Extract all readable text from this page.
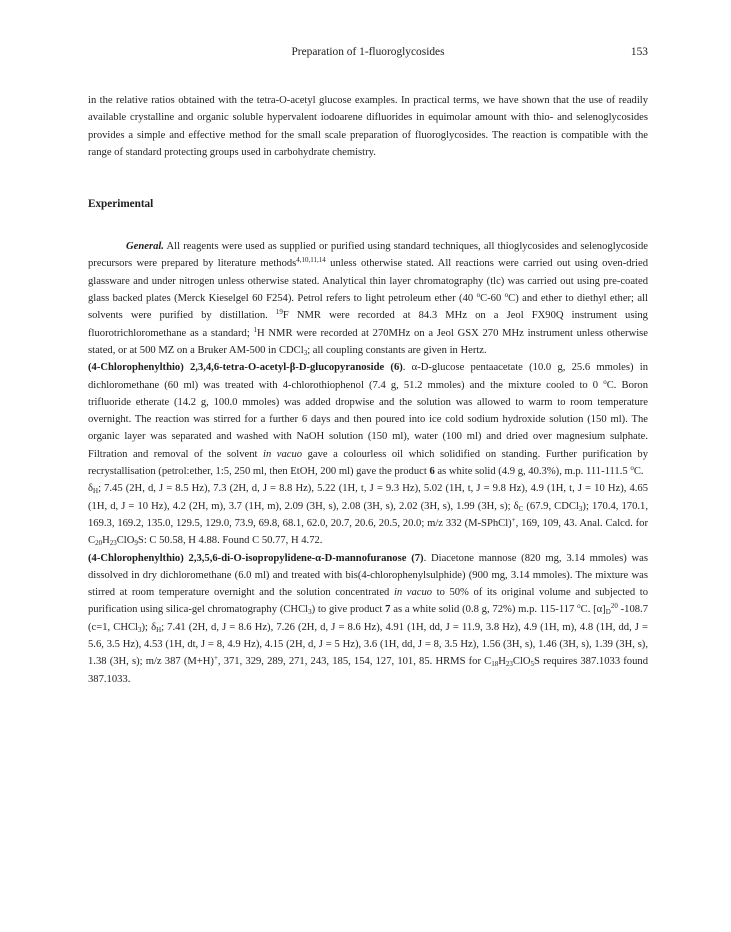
Preparation of 1-fluoroglycosides	153

in the relative ratios obtained with the tetra-O-acetyl glucose examples. In practical terms, we have shown that the use of readily available crystalline and organic soluble hypervalent iodoarene difluorides in equimolar amount with thio- and selenoglycosides provides a simple and effective method for the small scale preparation of fluoroglycosides. The reaction is compatible with the range of standard protecting groups used in carbohydrate chemistry.

Experimental

General. All reagents were used as supplied or purified using standard techniques, all thioglycosides and selenoglycoside precursors were prepared by literature methods$^{4,10,11,14}$ unless otherwise stated. All reactions were carried out using oven-dried glassware and under nitrogen unless otherwise stated. Analytical thin layer chromatography (tlc) was carried out using pre-coated glass backed plates (Merck Kieselgel 60 F254). Petrol refers to light petroleum ether (40 $^o$C-60 $^o$C) and ether to diethyl ether; all solvents were purified by distillation. $^{19}$F NMR were recorded at 84.3 MHz on a Jeol FX90Q instrument using fluorotrichloromethane as a standard; $^1$H NMR were recorded at 270MHz on a Jeol GSX 270 MHz instrument unless otherwise stated, or at 500 MZ on a Bruker AM-500 in CDCl$_3$; all coupling constants are given in Hertz.

(4-Chlorophenylthio) 2,3,4,6-tetra-O-acetyl-β-D-glucopyranoside (6). α-D-glucose pentaacetate (10.0 g, 25.6 mmoles) in dichloromethane (60 ml) was treated with 4-chlorothiophenol (7.4 g, 51.2 mmoles) and the mixture cooled to 0 $^o$C. Boron trifluoride etherate (14.2 g, 100.0 mmoles) was added dropwise and the solution was allowed to warm to room temperature overnight. The reaction was stirred for a further 6 days and then poured into ice cold sodium hydroxide solution (150 ml). The organic layer was separated and washed with NaOH solution (150 ml), water (100 ml) and dried over magnesium sulphate. Filtration and removal of the solvent in vacuo gave a colourless oil which solidified on standing. Further purification by recrystallisation (petrol:ether, 1:5, 250 ml, then EtOH, 200 ml) gave the product 6 as white solid (4.9 g, 40.3%), m.p. 111-111.5 $^o$C.

$\delta_H$; 7.45 (2H, d, J = 8.5 Hz), 7.3 (2H, d, J = 8.8 Hz), 5.22 (1H, t, J = 9.3 Hz), 5.02 (1H, t, J = 9.8 Hz), 4.9 (1H, t, J = 10 Hz), 4.65 (1H, d, J = 10 Hz), 4.2 (2H, m), 3.7 (1H, m), 2.09 (3H, s), 2.08 (3H, s), 2.02 (3H, s), 1.99 (3H, s); $\delta_C$ (67.9, CDCl$_3$); 170.4, 170.1, 169.3, 169.2, 135.0, 129.5, 129.0, 73.9, 69.8, 68.1, 62.0, 20.7, 20.6, 20.5, 20.0; m/z 332 (M-SPhCl)+, 169, 109, 43. Anal. Calcd. for $C_{20}H_{23}ClO_9S$: C 50.58, H 4.88. Found C 50.77, H 4.72.

(4-Chlorophenylthio) 2,3,5,6-di-O-isopropylidene-α-D-mannofuranose (7). Diacetone mannose (820 mg, 3.14 mmoles) was dissolved in dry dichloromethane (6.0 ml) and treated with bis(4-chlorophenylsulphide) (900 mg, 3.14 mmoles). The mixture was stirred at room temperature overnight and the solution concentrated in vacuo to 50% of its original volume and subjected to purification using silica-gel chromatography (CHCl$_3$) to give product 7 as a white solid (0.8 g, 72%) m.p. 115-117 $^o$C. $[\alpha]_D^{20}$ -108.7 (c=1, CHCl$_3$); $\delta_H$; 7.41 (2H, d, J = 8.6 Hz), 7.26 (2H, d, J = 8.6 Hz), 4.91 (1H, dd, J = 11.9, 3.8 Hz), 4.9 (1H, m), 4.8 (1H, dd, J = 5.6, 3.5 Hz), 4.53 (1H, dt, J = 8, 4.9 Hz), 4.15 (2H, d, J = 5 Hz), 3.6 (1H, dd, J = 8, 3.5 Hz), 1.56 (3H, s), 1.46 (3H, s), 1.39 (3H, s), 1.38 (3H, s); m/z 387 (M+H)+, 371, 329, 289, 271, 243, 185, 154, 127, 101, 85. HRMS for $C_{18}H_{23}ClO_5S$ requires 387.1033 found 387.1033.
